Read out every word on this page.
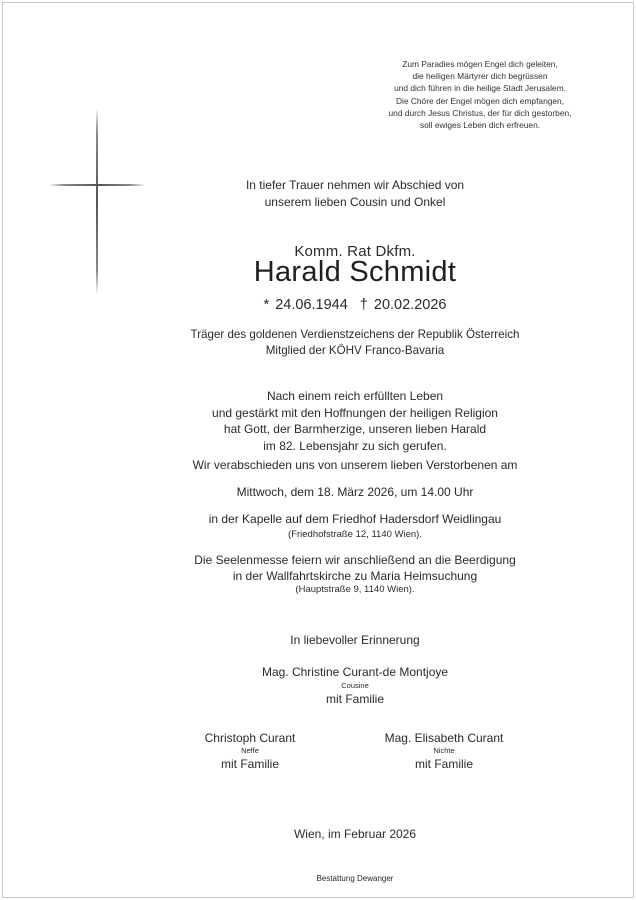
Zum Paradies mögen Engel dich geleiten,
die heiligen Märtyrer dich begrüssen
und dich führen in die heilige Stadt Jerusalem.
Die Chöre der Engel mögen dich empfangen,
und durch Jesus Christus, der für dich gestorben,
soll ewiges Leben dich erfreuen.
In tiefer Trauer nehmen wir Abschied von
unserem lieben Cousin und Onkel
Komm. Rat Dkfm.
Harald Schmidt
* 24.06.1944 † 20.02.2026
Träger des goldenen Verdienstzeichens der Republik Österreich
Mitglied der KÖHV Franco-Bavaria
Nach einem reich erfüllten Leben
und gestärkt mit den Hoffnungen der heiligen Religion
hat Gott, der Barmherzige, unseren lieben Harald
im 82. Lebensjahr zu sich gerufen.
Wir verabschieden uns von unserem lieben Verstorbenen am
Mittwoch, dem 18. März 2026, um 14.00 Uhr
in der Kapelle auf dem Friedhof Hadersdorf Weidlingau
(Friedhofstraße 12, 1140 Wien).
Die Seelenmesse feiern wir anschließend an die Beerdigung
in der Wallfahrtskirche zu Maria Heimsuchung
(Hauptstraße 9, 1140 Wien).
In liebevoller Erinnerung
Mag. Christine Curant-de Montjoye
Cousine
mit Familie
Christoph Curant
Neffe
mit Familie
Mag. Elisabeth Curant
Nichte
mit Familie
Wien, im Februar 2026
Bestattung Dewanger
